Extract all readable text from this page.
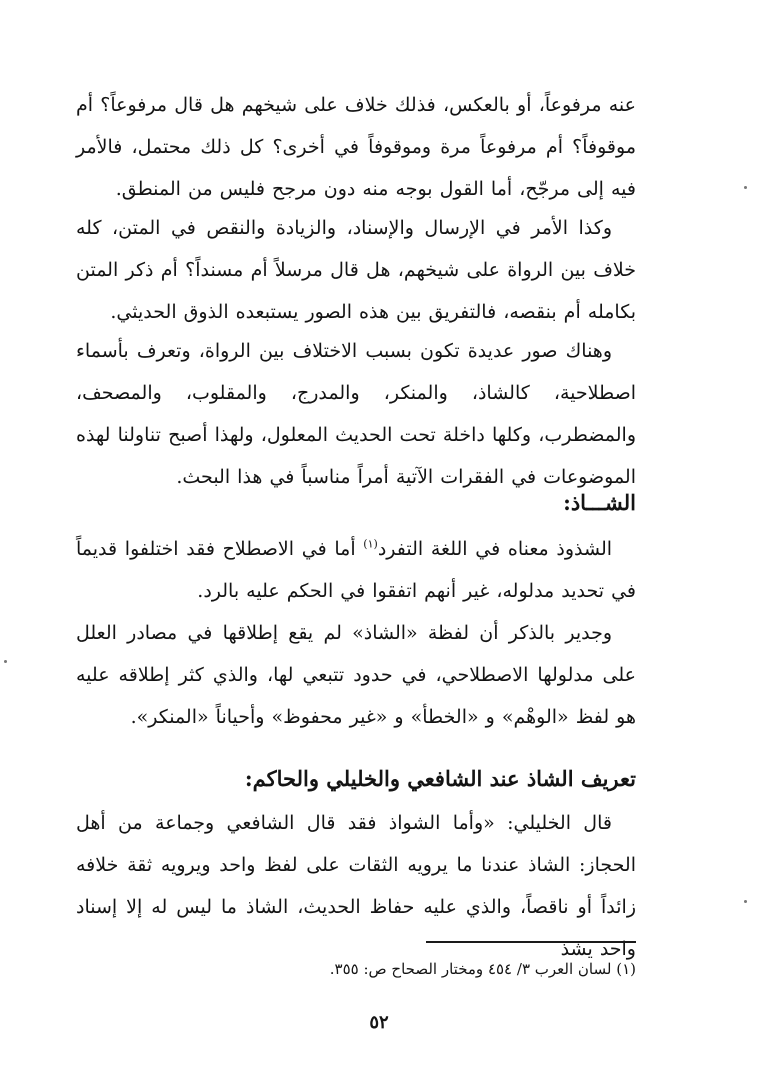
عنه مرفوعاً، أو بالعكس، فذلك خلاف على شيخهم هل قال مرفوعاً؟ أم موقوفاً؟ أم مرفوعاً مرة وموقوفاً في أخرى؟ كل ذلك محتمل، فالأمر فيه إلى مرجّح، أما القول بوجه منه دون مرجح فليس من المنطق.

وكذا الأمر في الإرسال والإسناد، والزيادة والنقص في المتن، كله خلاف بين الرواة على شيخهم، هل قال مرسلاً أم مسنداً؟ أم ذكر المتن بكامله أم بنقصه، فالتفريق بين هذه الصور يستبعده الذوق الحديثي.

وهناك صور عديدة تكون بسبب الاختلاف بين الرواة، وتعرف بأسماء اصطلاحية، كالشاذ، والمنكر، والمدرج، والمقلوب، والمصحف، والمضطرب، وكلها داخلة تحت الحديث المعلول، ولهذا أصبح تناولنا لهذه الموضوعات في الفقرات الآتية أمراً مناسباً في هذا البحث.

الشـــاذ:

الشذوذ معناه في اللغة التفرد$^{(١)}$ أما في الاصطلاح فقد اختلفوا قديماً في تحديد مدلوله، غير أنهم اتفقوا في الحكم عليه بالرد.

وجدير بالذكر أن لفظة «الشاذ» لم يقع إطلاقها في مصادر العلل على مدلولها الاصطلاحي، في حدود تتبعي لها، والذي كثر إطلاقه عليه هو لفظ «الوهْم» و «الخطأ» و «غير محفوظ» وأحياناً «المنكر».

تعريف الشاذ عند الشافعي والخليلي والحاكم:

قال الخليلي: «وأما الشواذ فقد قال الشافعي وجماعة من أهل الحجاز: الشاذ عندنا ما يرويه الثقات على لفظ واحد ويرويه ثقة خلافه زائداً أو ناقصاً، والذي عليه حفاظ الحديث، الشاذ ما ليس له إلا إسناد واحد يشذ

(١) لسان العرب ٣/ ٤٥٤ ومختار الصحاح ص: ٣٥٥.

٥٢
